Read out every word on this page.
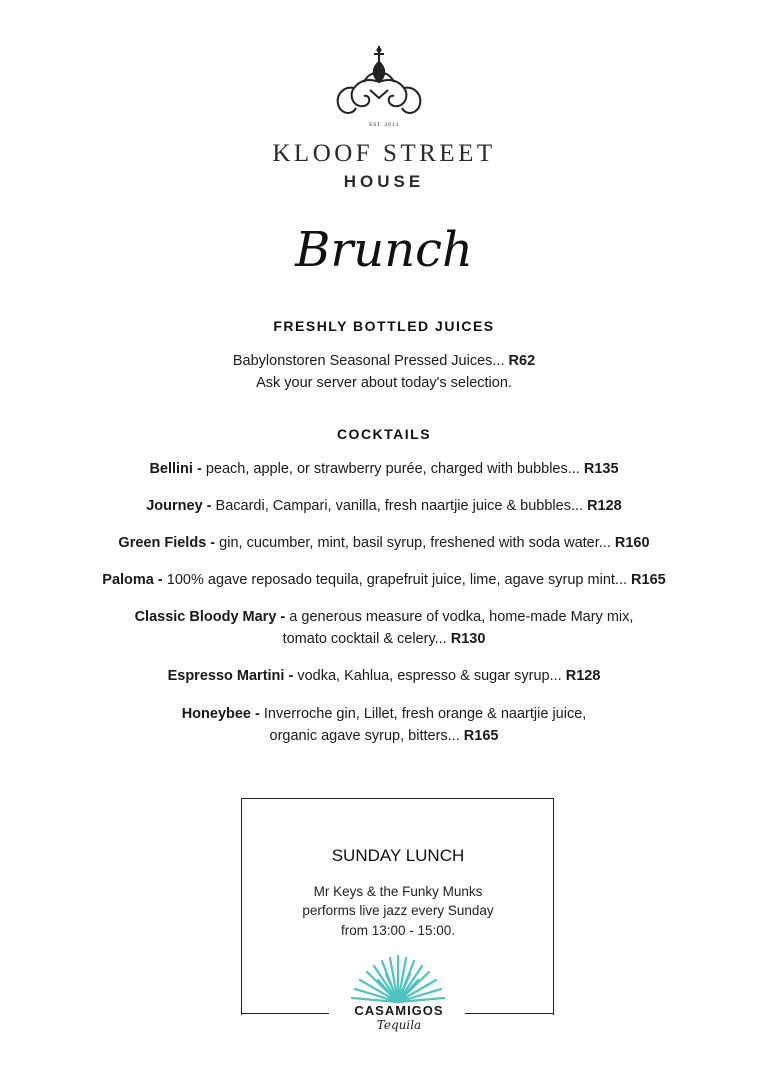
EST. 2012
KLOOF STREET
HOUSE
Brunch
FRESHLY BOTTLED JUICES
Babylonstoren Seasonal Pressed Juices... R62
Ask your server about today's selection.
COCKTAILS
Bellini - peach, apple, or strawberry purée, charged with bubbles... R135
Journey - Bacardi, Campari, vanilla, fresh naartjie juice & bubbles... R128
Green Fields - gin, cucumber, mint, basil syrup, freshened with soda water... R160
Paloma - 100% agave reposado tequila, grapefruit juice, lime, agave syrup mint... R165
Classic Bloody Mary - a generous measure of vodka, home-made Mary mix,
tomato cocktail & celery... R130
Espresso Martini - vodka, Kahlua, espresso & sugar syrup... R128
Honeybee - Inverroche gin, Lillet, fresh orange & naartjie juice,
organic agave syrup, bitters... R165
SUNDAY LUNCH
Mr Keys & the Funky Munks
performs live jazz every Sunday
from 13:00 - 15:00.
CASAMIGOS
Tequila
